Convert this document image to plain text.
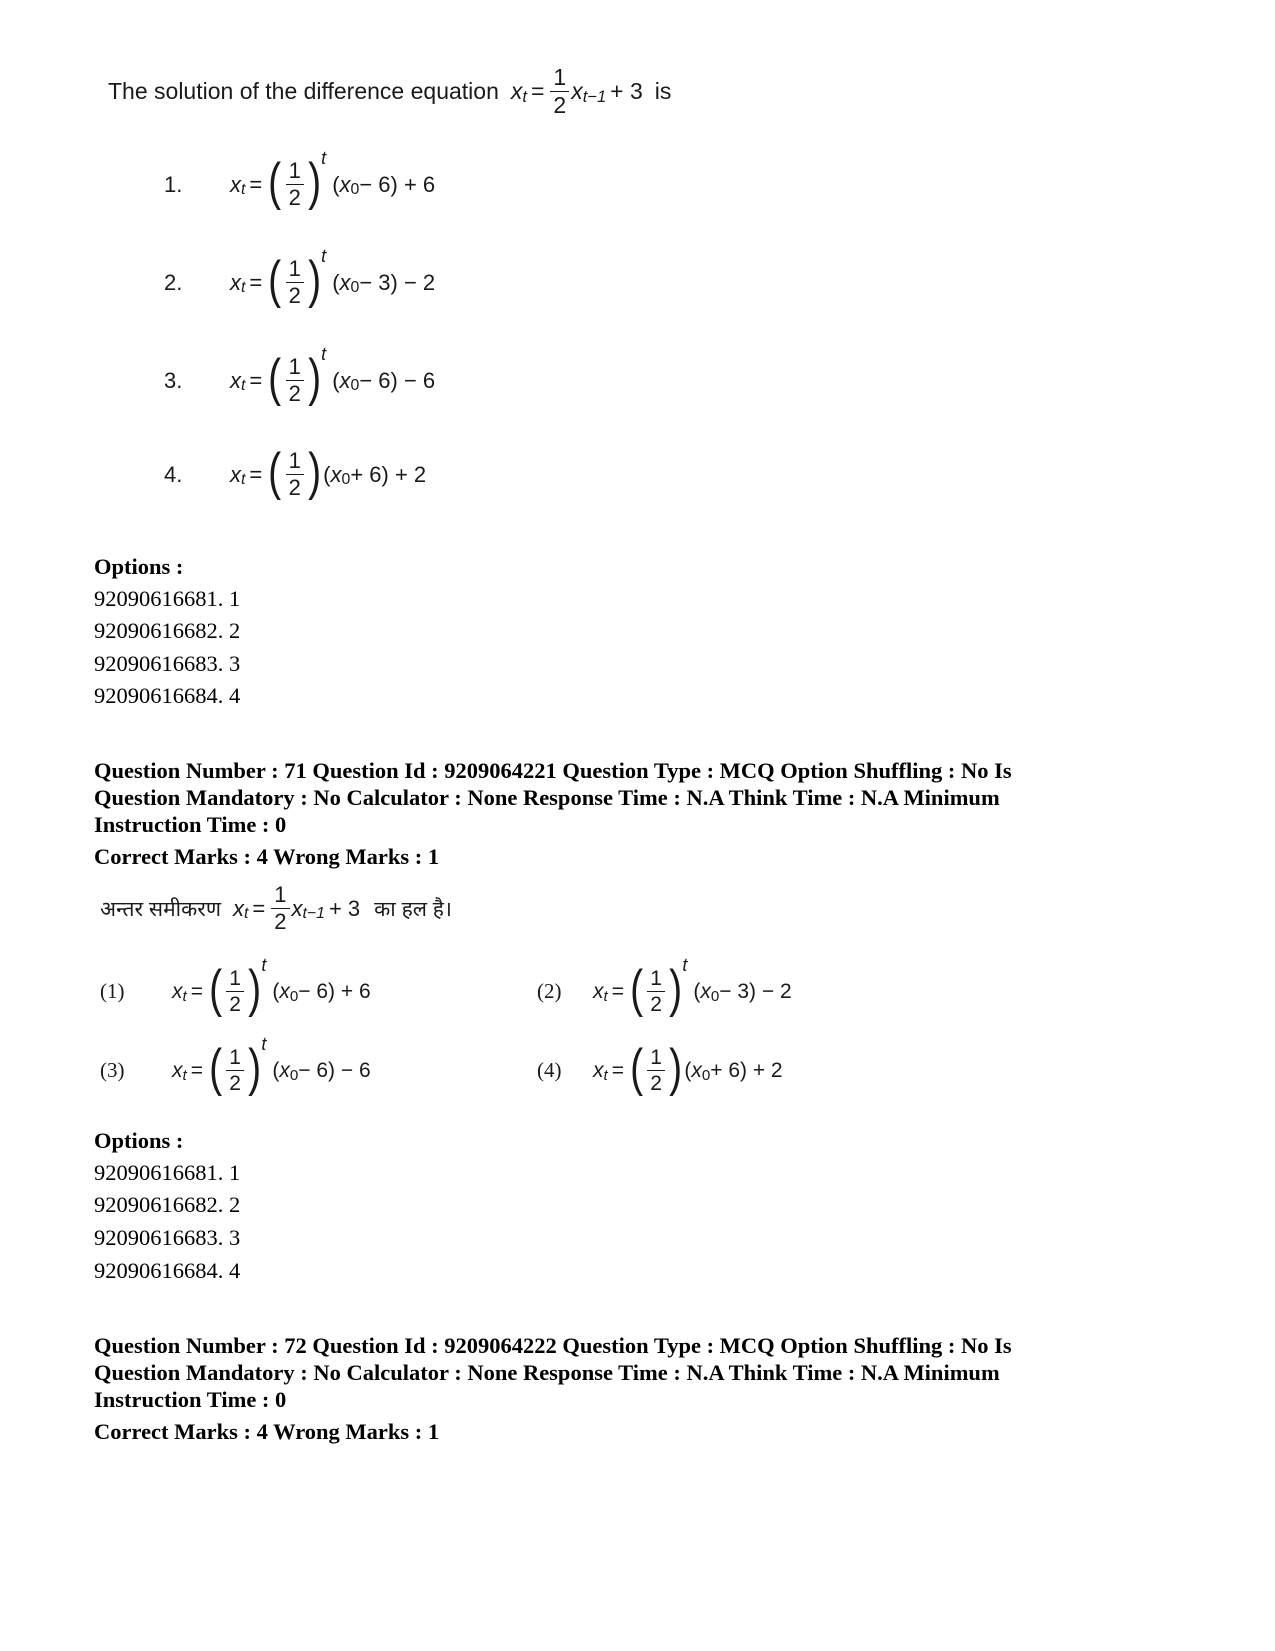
The solution of the difference equation x $t = \frac{1}{2}$ x t−1 + 3 is
1.	x t = ( $\frac{1}{2}$ ) t
( x 0 − 6) + 6
2.	x t = ( $\frac{1}{2}$ ) t
( x 0 − 3) − 2
3.	x t = ( $\frac{1}{2}$ ) t
( x 0 − 6) − 6
4.	x t = ( $\frac{1}{2}$ ) ( x 0 + 6) + 2
Options :
92090616681. 1
92090616682. 2
92090616683. 3
92090616684. 4
Question Number : 71 Question Id : 9209064221 Question Type : MCQ Option Shuffling : No Is
Question Mandatory : No Calculator : None Response Time : N.A Think Time : N.A Minimum
Instruction Time : 0
Correct Marks : 4 Wrong Marks : 1
अन्तर समीकरण x $t = \frac{1}{2}$ x t−1 + 3 का हल है।
(1)	x t = ( $\frac{1}{2}$ ) t
( x 0 − 6) + 6	(2)	x t = ( $\frac{1}{2}$ ) t
( x 0 − 3) − 2
(3)	x t = ( $\frac{1}{2}$ ) t
( x 0 − 6) − 6	(4)	x t = ( $\frac{1}{2}$ ) ( x 0 + 6) + 2
Options :
92090616681. 1
92090616682. 2
92090616683. 3
92090616684. 4
Question Number : 72 Question Id : 9209064222 Question Type : MCQ Option Shuffling : No Is
Question Mandatory : No Calculator : None Response Time : N.A Think Time : N.A Minimum
Instruction Time : 0
Correct Marks : 4 Wrong Marks : 1
